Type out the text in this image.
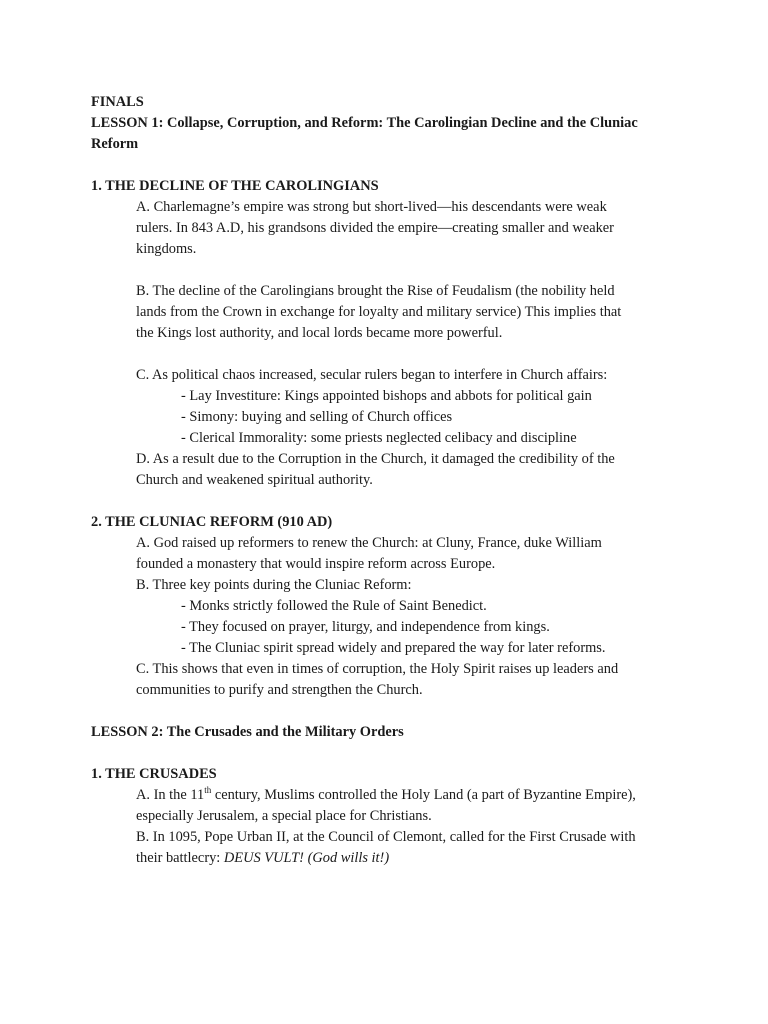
FINALS
LESSON 1: Collapse, Corruption, and Reform: The Carolingian Decline and the Cluniac
Reform
1. THE DECLINE OF THE CAROLINGIANS
A. Charlemagne’s empire was strong but short-lived—his descendants were weak
rulers. In 843 A.D, his grandsons divided the empire—creating smaller and weaker
kingdoms.
B. The decline of the Carolingians brought the Rise of Feudalism (the nobility held
lands from the Crown in exchange for loyalty and military service) This implies that
the Kings lost authority, and local lords became more powerful.
C. As political chaos increased, secular rulers began to interfere in Church affairs:
- Lay Investiture: Kings appointed bishops and abbots for political gain
- Simony: buying and selling of Church offices
- Clerical Immorality: some priests neglected celibacy and discipline
D. As a result due to the Corruption in the Church, it damaged the credibility of the
Church and weakened spiritual authority.
2. THE CLUNIAC REFORM (910 AD)
A. God raised up reformers to renew the Church: at Cluny, France, duke William
founded a monastery that would inspire reform across Europe.
B. Three key points during the Cluniac Reform:
- Monks strictly followed the Rule of Saint Benedict.
- They focused on prayer, liturgy, and independence from kings.
- The Cluniac spirit spread widely and prepared the way for later reforms.
C. This shows that even in times of corruption, the Holy Spirit raises up leaders and
communities to purify and strengthen the Church.
LESSON 2: The Crusades and the Military Orders
1. THE CRUSADES
A. In the 11th century, Muslims controlled the Holy Land (a part of Byzantine Empire),
especially Jerusalem, a special place for Christians.
B. In 1095, Pope Urban II, at the Council of Clemont, called for the First Crusade with
their battlecry: DEUS VULT! (God wills it!)
